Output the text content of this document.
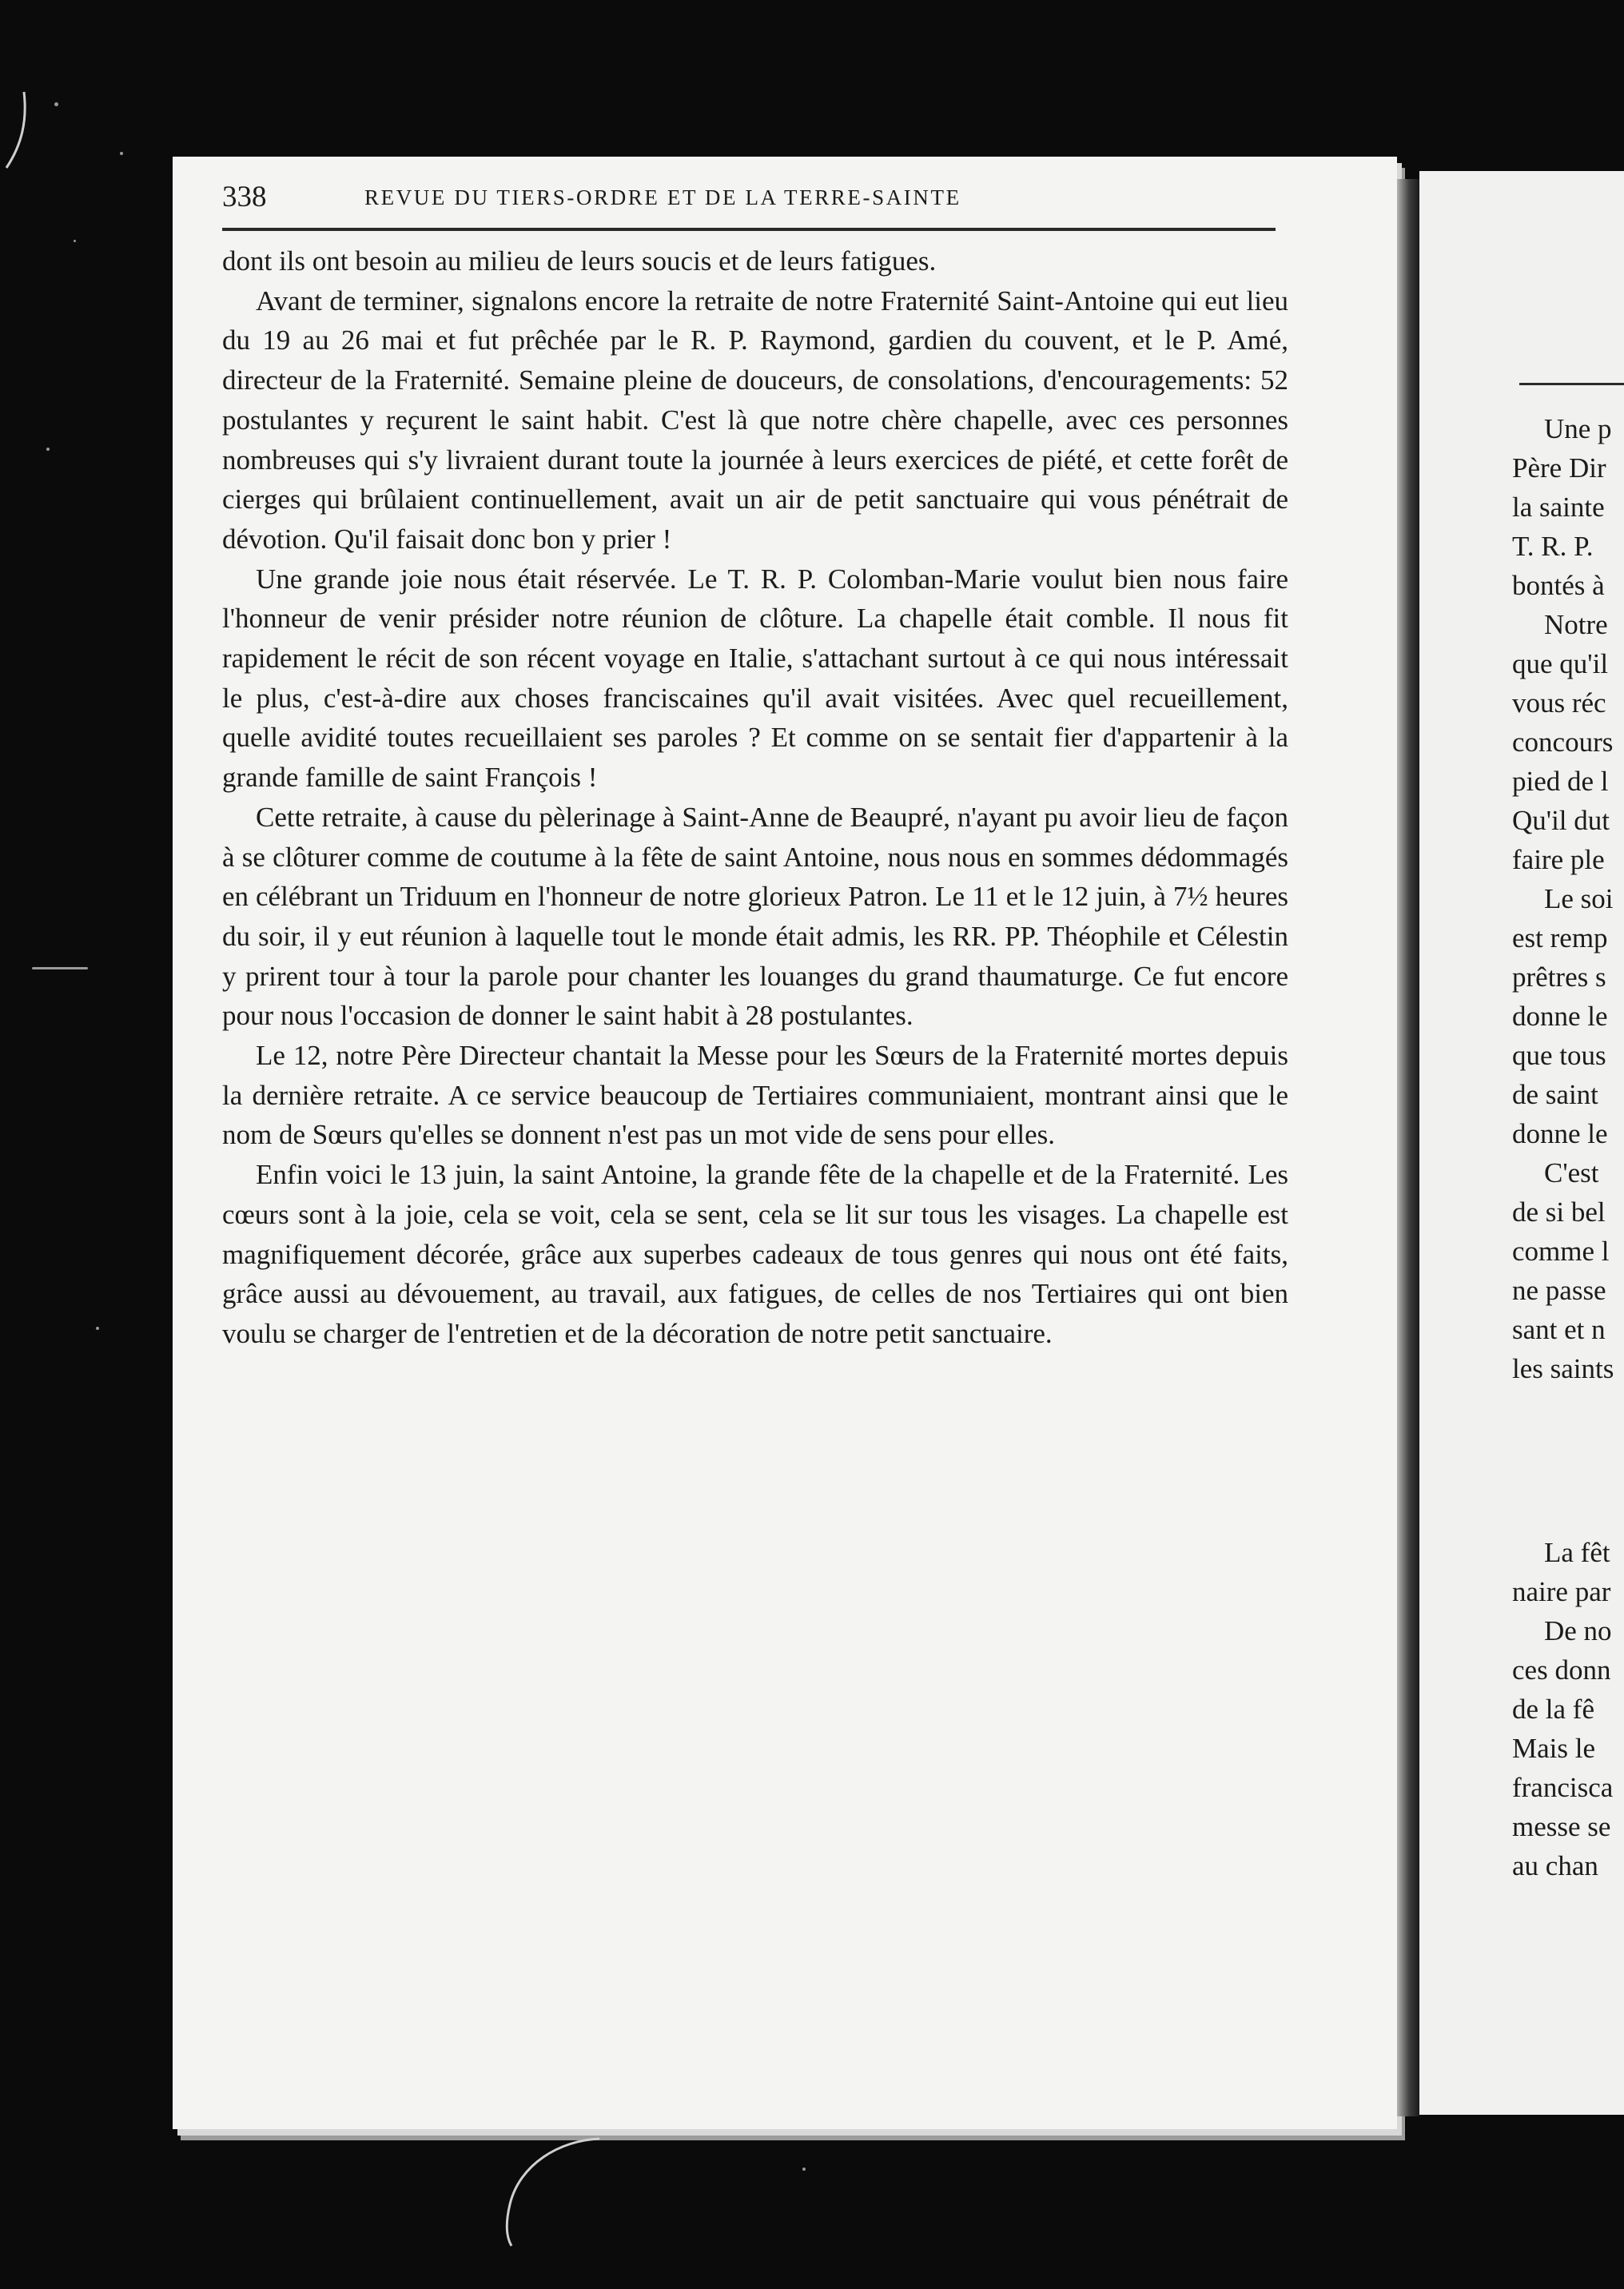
Une p
Père Dir
la sainte
T. R. P.
bontés à
Notre
que qu'il
vous réc
concours
pied de l
Qu'il dut
faire ple
Le soi
est remp
prêtres s
donne le
que tous
de saint
donne le
C'est
de si bel
comme l
ne passe
sant et n
les saints
La fêt
naire par
De no
ces donn
de la fê
Mais le
francisca
messe se
au chan
338	REVUE DU TIERS-ORDRE ET DE LA TERRE-SAINTE

dont ils ont besoin au milieu de leurs soucis et de leurs fatigues.

Avant de terminer, signalons encore la retraite de notre Fraternité Saint-Antoine qui eut lieu du 19 au 26 mai et fut prêchée par le R. P. Raymond, gardien du couvent, et le P. Amé, directeur de la Fraternité. Semaine pleine de douceurs, de consolations, d'encouragements: 52 postulantes y reçurent le saint habit. C'est là que notre chère chapelle, avec ces personnes nombreuses qui s'y livraient durant toute la journée à leurs exercices de piété, et cette forêt de cierges qui brûlaient continuellement, avait un air de petit sanctuaire qui vous pénétrait de dévotion. Qu'il faisait donc bon y prier !

Une grande joie nous était réservée. Le T. R. P. Colomban-Marie voulut bien nous faire l'honneur de venir présider notre réunion de clôture. La chapelle était comble. Il nous fit rapidement le récit de son récent voyage en Italie, s'attachant surtout à ce qui nous intéressait le plus, c'est-à-dire aux choses franciscaines qu'il avait visitées. Avec quel recueillement, quelle avidité toutes recueillaient ses paroles ? Et comme on se sentait fier d'appartenir à la grande famille de saint François !

Cette retraite, à cause du pèlerinage à Saint-Anne de Beaupré, n'ayant pu avoir lieu de façon à se clôturer comme de coutume à la fête de saint Antoine, nous nous en sommes dédommagés en célébrant un Triduum en l'honneur de notre glorieux Patron. Le 11 et le 12 juin, à 7½ heures du soir, il y eut réunion à laquelle tout le monde était admis, les RR. PP. Théophile et Célestin y prirent tour à tour la parole pour chanter les louanges du grand thaumaturge. Ce fut encore pour nous l'occasion de donner le saint habit à 28 postulantes.

Le 12, notre Père Directeur chantait la Messe pour les Sœurs de la Fraternité mortes depuis la dernière retraite. A ce service beaucoup de Tertiaires communiaient, montrant ainsi que le nom de Sœurs qu'elles se donnent n'est pas un mot vide de sens pour elles.

Enfin voici le 13 juin, la saint Antoine, la grande fête de la chapelle et de la Fraternité. Les cœurs sont à la joie, cela se voit, cela se sent, cela se lit sur tous les visages. La chapelle est magnifiquement décorée, grâce aux superbes cadeaux de tous genres qui nous ont été faits, grâce aussi au dévouement, au travail, aux fatigues, de celles de nos Tertiaires qui ont bien voulu se charger de l'entretien et de la décoration de notre petit sanctuaire.
